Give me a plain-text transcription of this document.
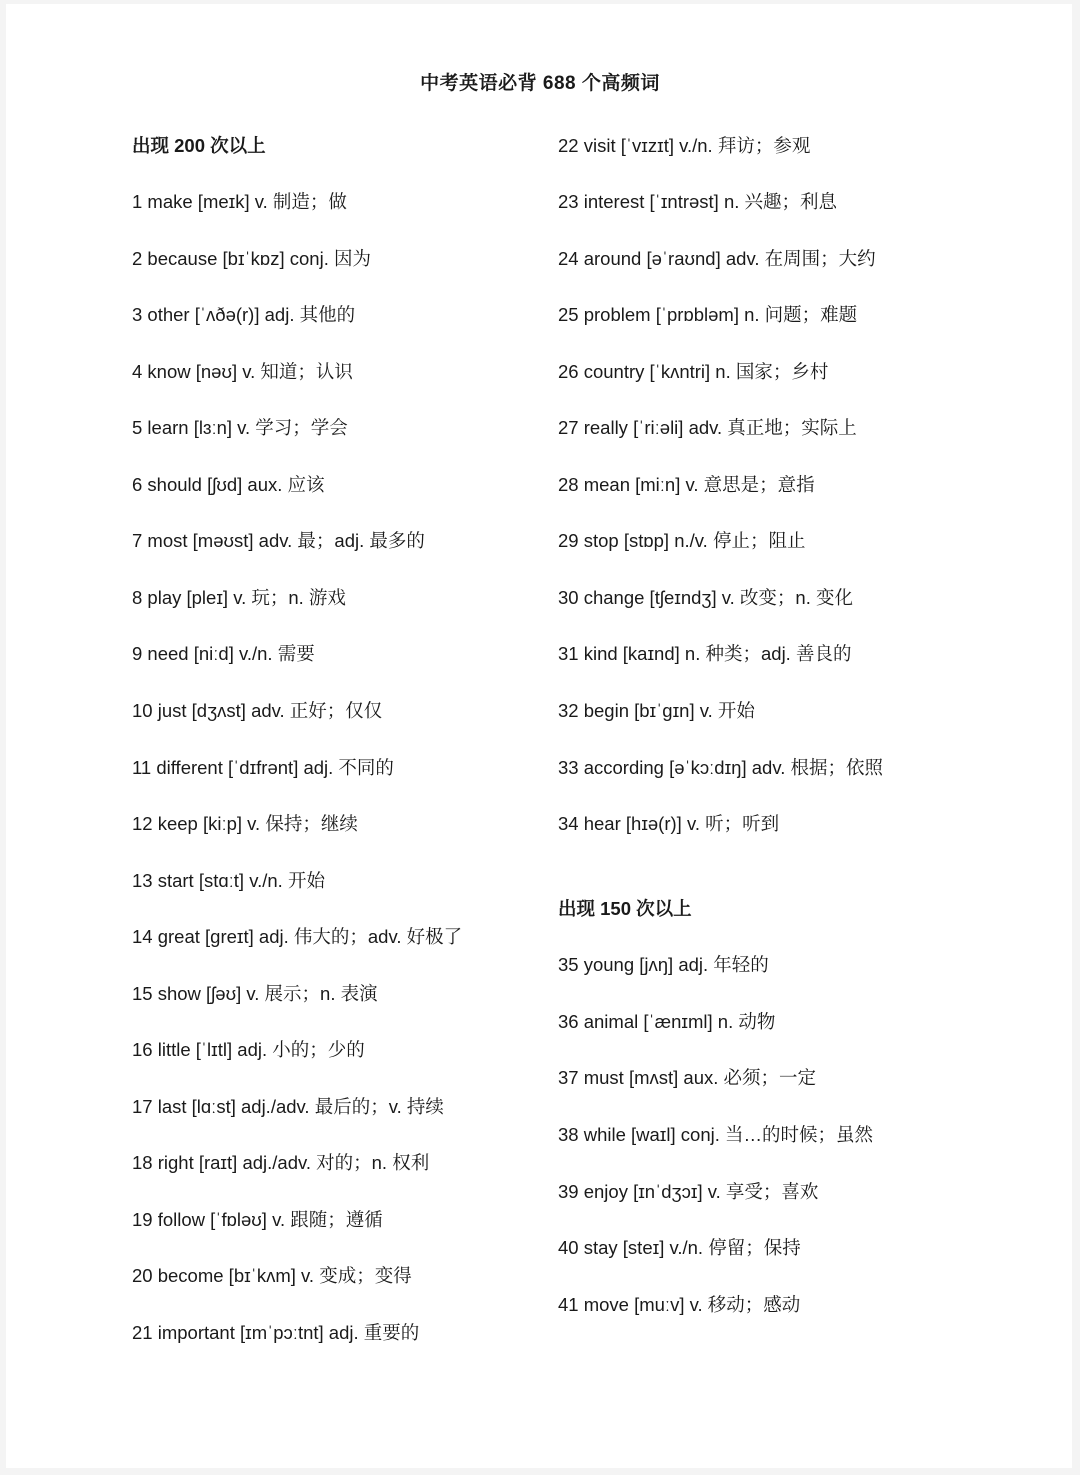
中考英语必背 688 个高频词
出现 200 次以上
1 make [meɪk] v. 制造；做
2 because [bɪˈkɒz] conj. 因为
3 other [ˈʌðə(r)] adj. 其他的
4 know [nəʊ] v. 知道；认识
5 learn [lɜːn] v. 学习；学会
6 should [ʃʊd] aux. 应该
7 most [məʊst] adv. 最；adj. 最多的
8 play [pleɪ] v. 玩；n. 游戏
9 need [niːd] v./n. 需要
10 just [dʒʌst] adv. 正好；仅仅
11 different [ˈdɪfrənt] adj. 不同的
12 keep [kiːp] v. 保持；继续
13 start [stɑːt] v./n. 开始
14 great [greɪt] adj. 伟大的；adv. 好极了
15 show [ʃəʊ] v. 展示；n. 表演
16 little [ˈlɪtl] adj. 小的；少的
17 last [lɑːst] adj./adv. 最后的；v. 持续
18 right [raɪt] adj./adv. 对的；n. 权利
19 follow [ˈfɒləʊ] v. 跟随；遵循
20 become [bɪˈkʌm] v. 变成；变得
21 important [ɪmˈpɔːtnt] adj. 重要的
22 visit [ˈvɪzɪt] v./n. 拜访；参观
23 interest [ˈɪntrəst] n. 兴趣；利息
24 around [əˈraʊnd] adv. 在周围；大约
25 problem [ˈprɒbləm] n. 问题；难题
26 country [ˈkʌntri] n. 国家；乡村
27 really [ˈriːəli] adv. 真正地；实际上
28 mean [miːn] v. 意思是；意指
29 stop [stɒp] n./v. 停止；阻止
30 change [tʃeɪndʒ] v. 改变；n. 变化
31 kind [kaɪnd] n. 种类；adj. 善良的
32 begin [bɪˈgɪn] v. 开始
33 according [əˈkɔːdɪŋ] adv. 根据；依照
34 hear [hɪə(r)] v. 听；听到
出现 150 次以上
35 young [jʌŋ] adj. 年轻的
36 animal [ˈænɪml] n. 动物
37 must [mʌst] aux. 必须；一定
38 while [waɪl] conj. 当…的时候；虽然
39 enjoy [ɪnˈdʒɔɪ] v. 享受；喜欢
40 stay [steɪ] v./n. 停留；保持
41 move [muːv] v. 移动；感动
